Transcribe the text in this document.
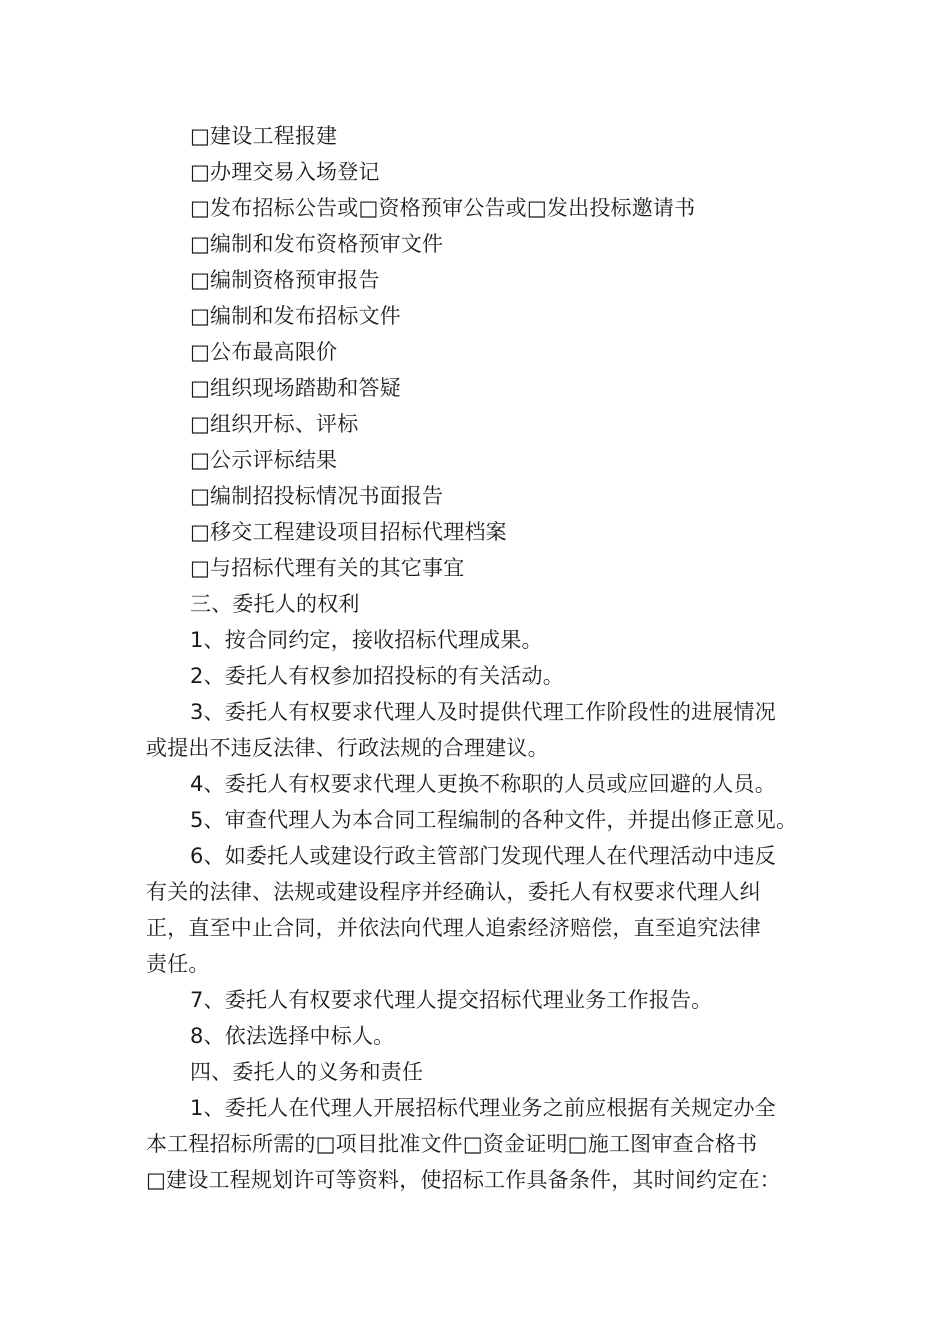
□建设工程报建
□办理交易入场登记
□发布招标公告或□资格预审公告或□发出投标邀请书
□编制和发布资格预审文件
□编制资格预审报告
□编制和发布招标文件
□公布最高限价
□组织现场踏勘和答疑
□组织开标、评标
□公示评标结果
□编制招投标情况书面报告
□移交工程建设项目招标代理档案
□与招标代理有关的其它事宜
三、委托人的权利
1、按合同约定，接收招标代理成果。
2、委托人有权参加招投标的有关活动。
3、委托人有权要求代理人及时提供代理工作阶段性的进展情况
或提出不违反法律、行政法规的合理建议。
4、委托人有权要求代理人更换不称职的人员或应回避的人员。
5、审查代理人为本合同工程编制的各种文件，并提出修正意见。
6、如委托人或建设行政主管部门发现代理人在代理活动中违反
有关的法律、法规或建设程序并经确认，委托人有权要求代理人纠
正，直至中止合同，并依法向代理人追索经济赔偿，直至追究法律
责任。
7、委托人有权要求代理人提交招标代理业务工作报告。
8、依法选择中标人。
四、委托人的义务和责任
1、委托人在代理人开展招标代理业务之前应根据有关规定办全
本工程招标所需的□项目批准文件□资金证明□施工图审查合格书
□建设工程规划许可等资料，使招标工作具备条件，其时间约定在：
